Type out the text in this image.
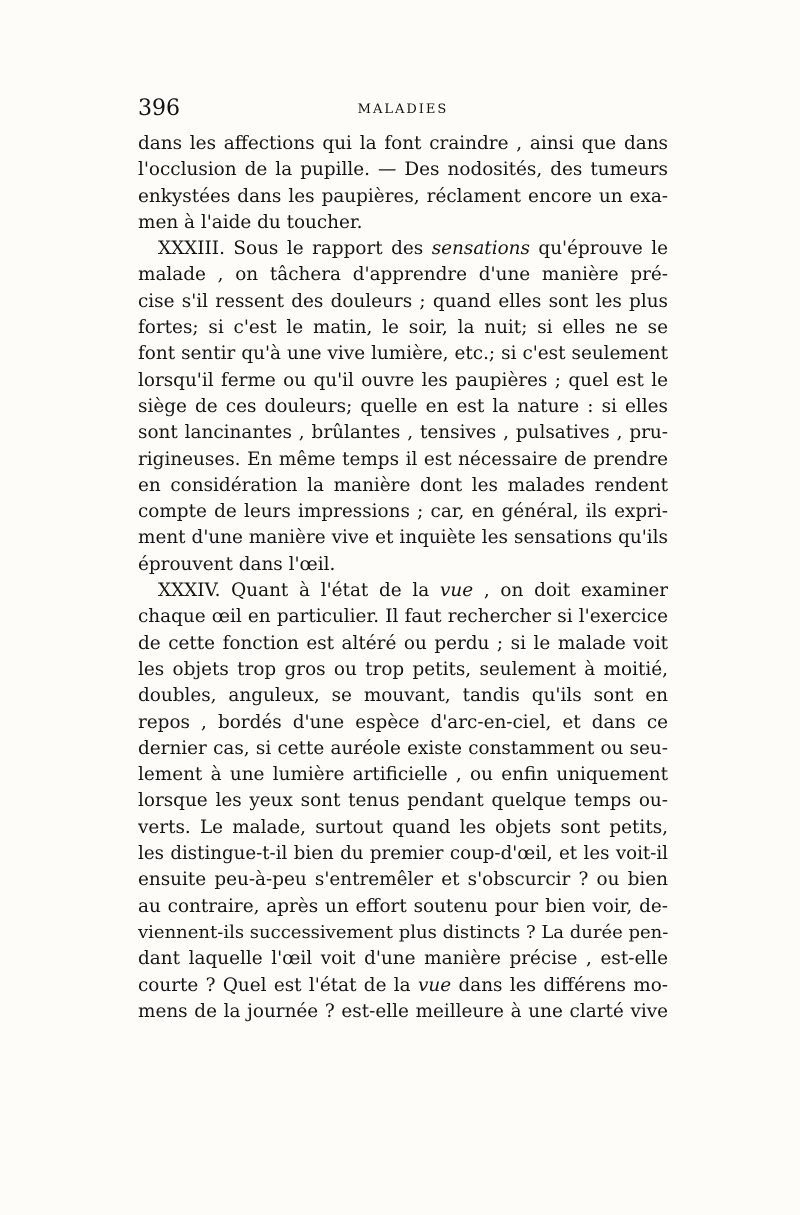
396	MALADIES
dans les affections qui la font craindre , ainsi que dans
l'occlusion de la pupille. — Des nodosités, des tumeurs
enkystées dans les paupières, réclament encore un exa-
men à l'aide du toucher.
XXXIII. Sous le rapport des sensations qu'éprouve le
malade , on tâchera d'apprendre d'une manière pré-
cise s'il ressent des douleurs ; quand elles sont les plus
fortes; si c'est le matin, le soir, la nuit; si elles ne se
font sentir qu'à une vive lumière, etc.; si c'est seulement
lorsqu'il ferme ou qu'il ouvre les paupières ; quel est le
siège de ces douleurs; quelle en est la nature : si elles
sont lancinantes , brûlantes , tensives , pulsatives , pru-
rigineuses. En même temps il est nécessaire de prendre
en considération la manière dont les malades rendent
compte de leurs impressions ; car, en général, ils expri-
ment d'une manière vive et inquiète les sensations qu'ils
éprouvent dans l'œil.
XXXIV. Quant à l'état de la vue , on doit examiner
chaque œil en particulier. Il faut rechercher si l'exercice
de cette fonction est altéré ou perdu ; si le malade voit
les objets trop gros ou trop petits, seulement à moitié,
doubles, anguleux, se mouvant, tandis qu'ils sont en
repos , bordés d'une espèce d'arc-en-ciel, et dans ce
dernier cas, si cette auréole existe constamment ou seu-
lement à une lumière artificielle , ou enfin uniquement
lorsque les yeux sont tenus pendant quelque temps ou-
verts. Le malade, surtout quand les objets sont petits,
les distingue-t-il bien du premier coup-d'œil, et les voit-il
ensuite peu-à-peu s'entremêler et s'obscurcir ? ou bien
au contraire, après un effort soutenu pour bien voir, de-
viennent-ils successivement plus distincts ? La durée pen-
dant laquelle l'œil voit d'une manière précise , est-elle
courte ? Quel est l'état de la vue dans les différens mo-
mens de la journée ? est-elle meilleure à une clarté vive
